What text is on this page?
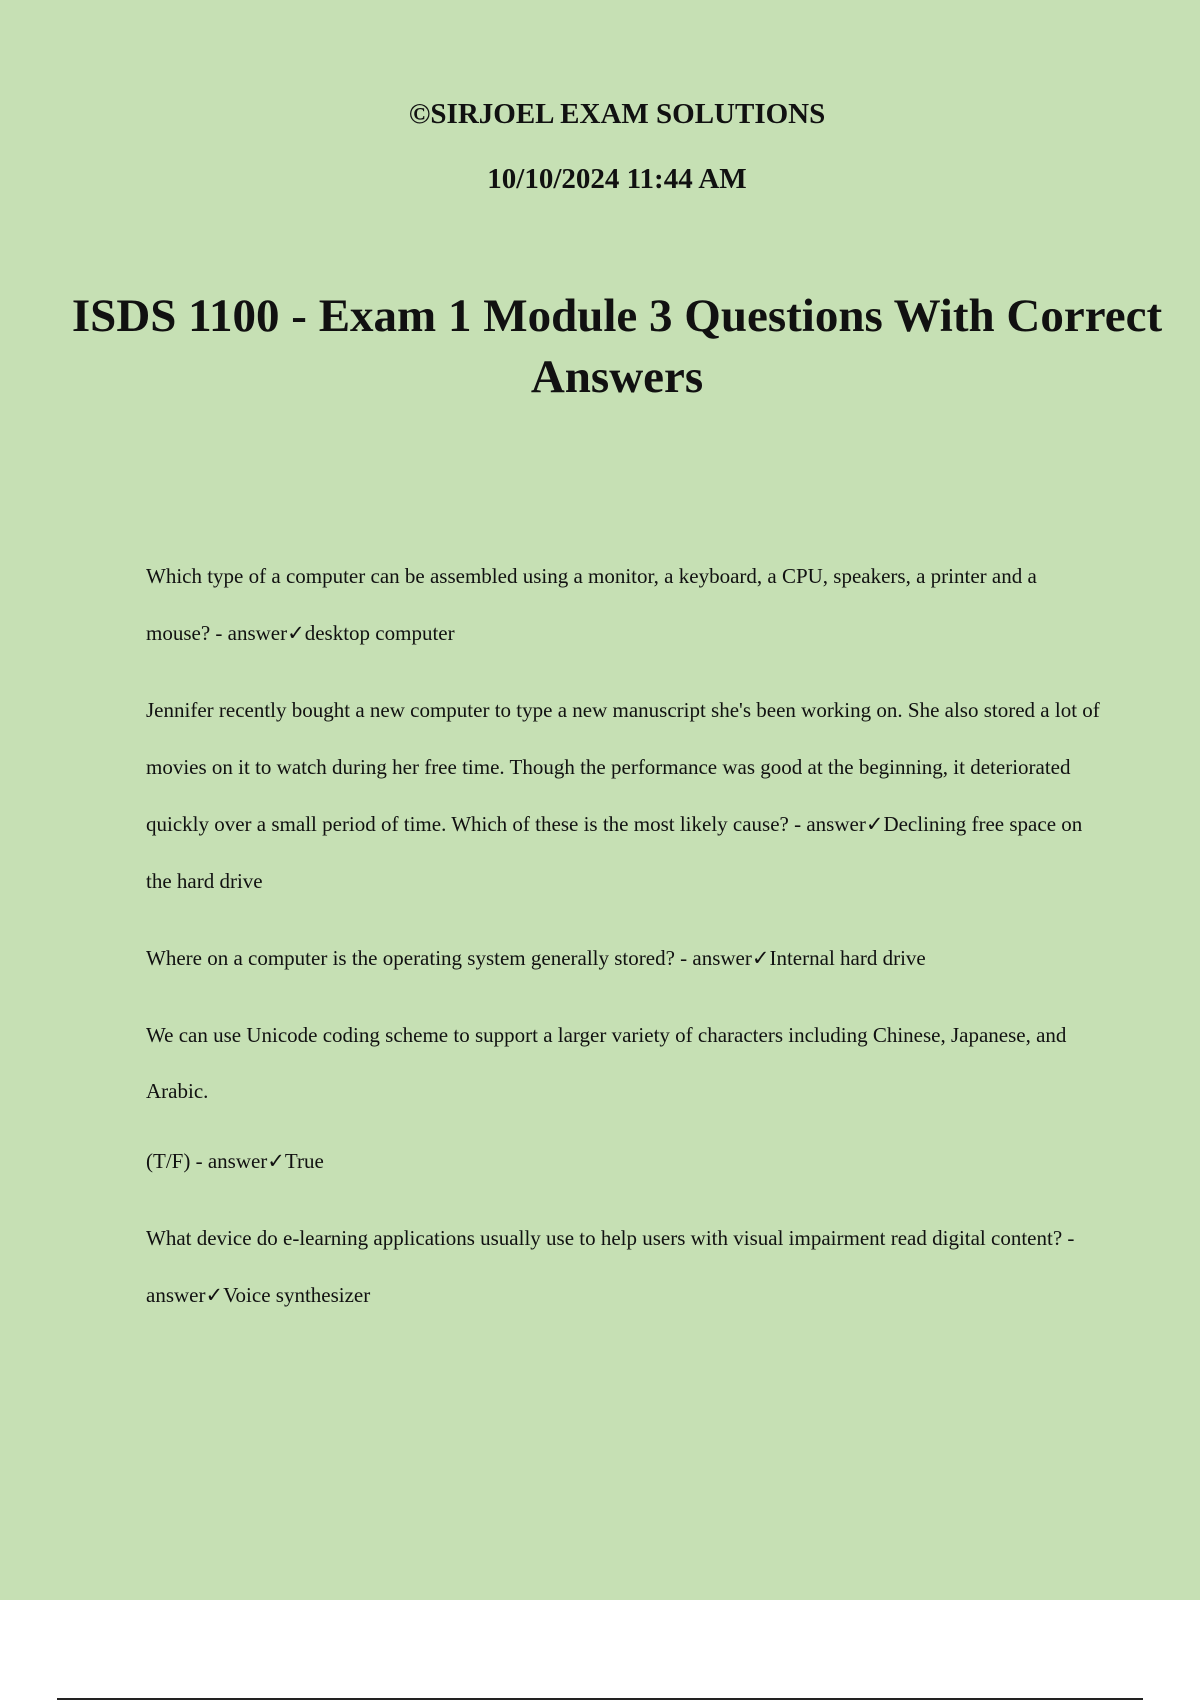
©SIRJOEL EXAM SOLUTIONS
10/10/2024 11:44 AM
ISDS 1100 - Exam 1 Module 3 Questions With Correct Answers

Which type of a computer can be assembled using a monitor, a keyboard, a CPU, speakers, a printer and a mouse? - answer✓desktop computer

Jennifer recently bought a new computer to type a new manuscript she's been working on. She also stored a lot of movies on it to watch during her free time. Though the performance was good at the beginning, it deteriorated quickly over a small period of time. Which of these is the most likely cause? - answer✓Declining free space on the hard drive

Where on a computer is the operating system generally stored? - answer✓Internal hard drive

We can use Unicode coding scheme to support a larger variety of characters including Chinese, Japanese, and Arabic.

(T/F) - answer✓True

What device do e-learning applications usually use to help users with visual impairment read digital content? - answer✓Voice synthesizer
